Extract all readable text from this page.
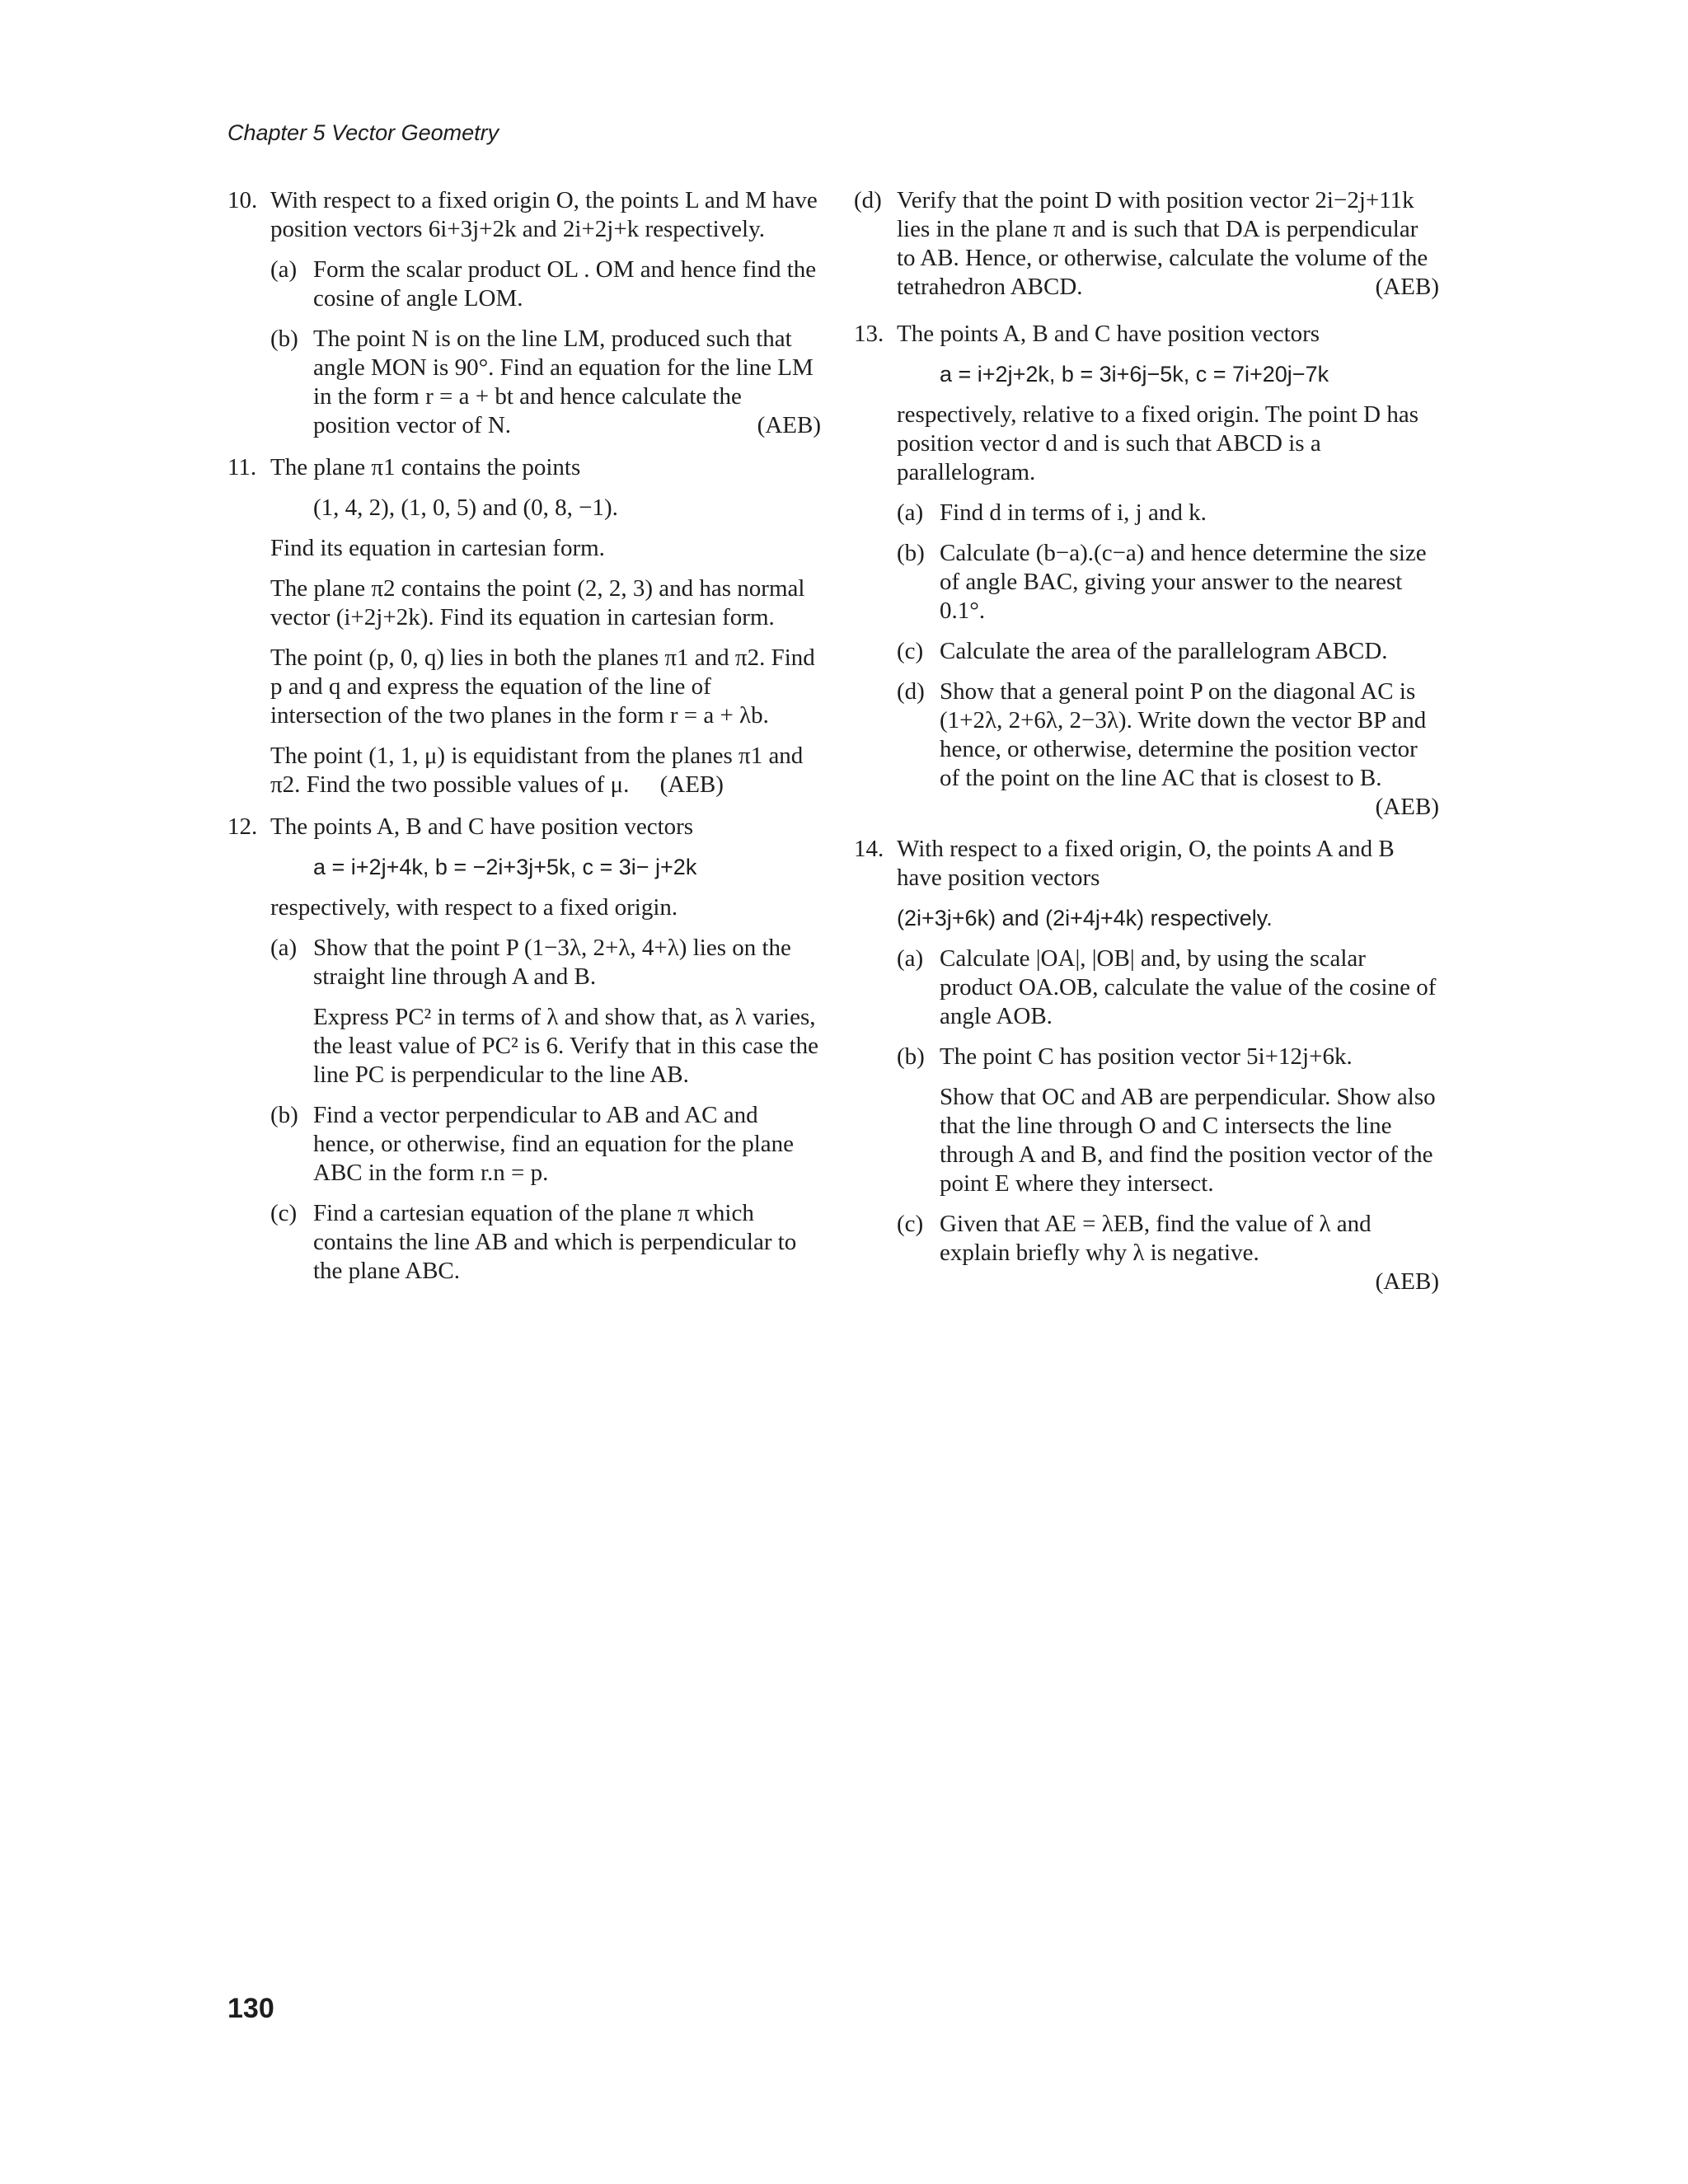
Chapter 5 Vector Geometry
10. With respect to a fixed origin O, the points L and M have position vectors 6i+3j+2k and 2i+2j+k respectively.
(a) Form the scalar product OL . OM and hence find the cosine of angle LOM.
(b) The point N is on the line LM, produced such that angle MON is 90°. Find an equation for the line LM in the form r = a + bt and hence calculate the position vector of N.	(AEB)
11. The plane π1 contains the points
(1, 4, 2), (1, 0, 5) and (0, 8, −1).
Find its equation in cartesian form.
The plane π2 contains the point (2, 2, 3) and has normal vector (i+2j+2k). Find its equation in cartesian form.
The point (p, 0, q) lies in both the planes π1 and π2. Find p and q and express the equation of the line of intersection of the two planes in the form r = a + λb.
The point (1, 1, μ) is equidistant from the planes π1 and π2. Find the two possible values of μ. (AEB)
12. The points A, B and C have position vectors
a = i+2j+4k, b = −2i+3j+5k, c = 3i− j+2k
respectively, with respect to a fixed origin.
(a) Show that the point P (1−3λ, 2+λ, 4+λ) lies on the straight line through A and B.
Express PC² in terms of λ and show that, as λ varies, the least value of PC² is 6. Verify that in this case the line PC is perpendicular to the line AB.
(b) Find a vector perpendicular to AB and AC and hence, or otherwise, find an equation for the plane ABC in the form r.n = p.
(c) Find a cartesian equation of the plane π which contains the line AB and which is perpendicular to the plane ABC.
(d) Verify that the point D with position vector 2i−2j+11k lies in the plane π and is such that DA is perpendicular to AB. Hence, or otherwise, calculate the volume of the tetrahedron ABCD.	(AEB)
13. The points A, B and C have position vectors
a = i+2j+2k, b = 3i+6j−5k, c = 7i+20j−7k
respectively, relative to a fixed origin. The point D has position vector d and is such that ABCD is a parallelogram.
(a) Find d in terms of i, j and k.
(b) Calculate (b−a).(c−a) and hence determine the size of angle BAC, giving your answer to the nearest 0.1°.
(c) Calculate the area of the parallelogram ABCD.
(d) Show that a general point P on the diagonal AC is (1+2λ, 2+6λ, 2−3λ). Write down the vector BP and hence, or otherwise, determine the position vector of the point on the line AC that is closest to B.
(AEB)
14. With respect to a fixed origin, O, the points A and B have position vectors
(2i+3j+6k) and (2i+4j+4k) respectively.
(a) Calculate |OA|, |OB| and, by using the scalar product OA.OB, calculate the value of the cosine of angle AOB.
(b) The point C has position vector 5i+12j+6k.
Show that OC and AB are perpendicular. Show also that the line through O and C intersects the line through A and B, and find the position vector of the point E where they intersect.
(c) Given that AE = λEB, find the value of λ and explain briefly why λ is negative.
(AEB)
130
